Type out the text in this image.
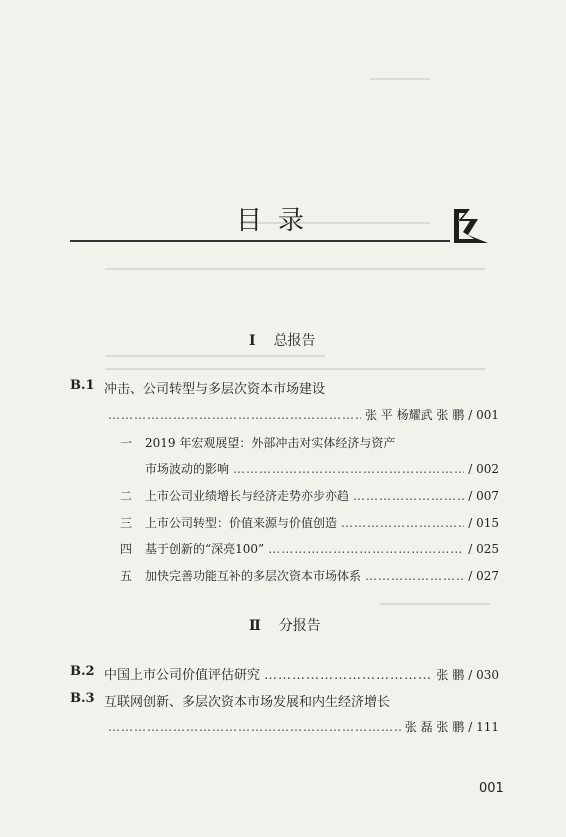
目录
Ⅰ 总报告
B.1 冲击、公司转型与多层次资本市场建设
…………………………………………………………………………………………………………………………………………
张 平 杨耀武 张 鹏 / 001
一 2019 年宏观展望：外部冲击对实体经济与资产
市场波动的影响 …………………………………………………………………………………………………………………………………………	/ 002
二 上市公司业绩增长与经济走势亦步亦趋 …………………………………………………………………………………………………………………………………………	/ 007
三 上市公司转型：价值来源与价值创造 …………………………………………………………………………………………………………………………………………	/ 015
四 基于创新的“深亮100” …………………………………………………………………………………………………………………………………………	/ 025
五 加快完善功能互补的多层次资本市场体系 …………………………………………………………………………………………………………………………………………	/ 027
Ⅱ 分报告
B.2 中国上市公司价值评估研究 …………………………………………………………………………………………………………………………………………	张 鹏 / 030
B.3 互联网创新、多层次资本市场发展和内生经济增长
…………………………………………………………………………………………………………………………………………
张 磊 张 鹏 / 111
001
